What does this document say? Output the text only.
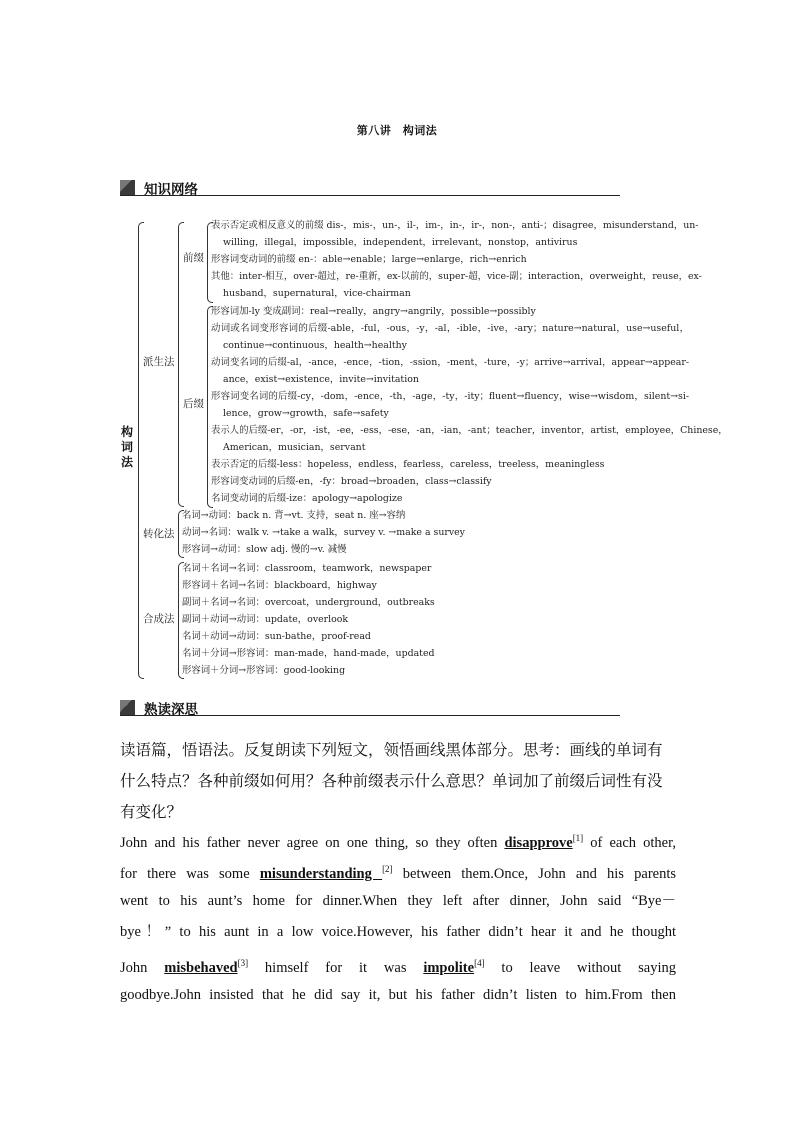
第八讲　构词法
知识网络
构词法
派生法
前缀
后缀
表示否定或相反意义的前缀 dis-，mis-，un-，il-，im-，in-，ir-，non-，anti-；disagree，misunderstand，un-
willing，illegal，impossible，independent，irrelevant，nonstop，antivirus
形容词变动词的前缀 en-：able→enable；large→enlarge，rich→enrich
其他：inter-相互，over-超过，re-重新，ex-以前的，super-超，vice-副；interaction，overweight，reuse，ex-
husband，supernatural，vice-chairman
形容词加-ly 变成副词：real→really，angry→angrily，possible→possibly
动词或名词变形容词的后缀-able，-ful，-ous，-y，-al，-ible，-ive，-ary；nature→natural，use→useful，
continue→continuous，health→healthy
动词变名词的后缀-al，-ance，-ence，-tion，-ssion，-ment，-ture，-y；arrive→arrival，appear→appear-
ance，exist→existence，invite→invitation
形容词变名词的后缀-cy，-dom，-ence，-th，-age，-ty，-ity；fluent→fluency，wise→wisdom，silent→si-
lence，grow→growth，safe→safety
表示人的后缀-er，-or，-ist，-ee，-ess，-ese，-an，-ian，-ant；teacher，inventor，artist，employee，Chinese，
American，musician，servant
表示否定的后缀-less：hopeless，endless，fearless，careless，treeless，meaningless
形容词变动词的后缀-en，-fy：broad→broaden，class→classify
名词变动词的后缀-ize：apology→apologize
转化法
名词→动词：back n. 背→vt. 支持，seat n. 座→容纳
动词→名词：walk v. →take a walk，survey v. →make a survey
形容词→动词：slow adj. 慢的→v. 减慢
合成法
名词＋名词→名词：classroom，teamwork，newspaper
形容词＋名词→名词：blackboard，highway
副词＋名词→名词：overcoat，underground，outbreaks
副词＋动词→动词：update，overlook
名词＋动词→动词：sun-bathe，proof-read
名词＋分词→形容词：man-made，hand-made，updated
形容词＋分词→形容词：good-looking
熟读深思
读语篇，悟语法。反复朗读下列短文，领悟画线黑体部分。思考：画线的单词有什么特点？各种前缀如何用？各种前缀表示什么意思？单词加了前缀后词性有没有变化？
John and his father never agree on one thing, so they often disapprove[1] of each other,
for there was some misunderstanding [2] between them.Once, John and his parents
went to his aunt’s home for dinner.When they left after dinner, John said “Bye－
bye！” to his aunt in a low voice.However, his father didn’t hear it and he thought
John misbehaved[3] himself for it was impolite[4] to leave without saying
goodbye.John insisted that he did say it, but his father didn’t listen to him.From then
